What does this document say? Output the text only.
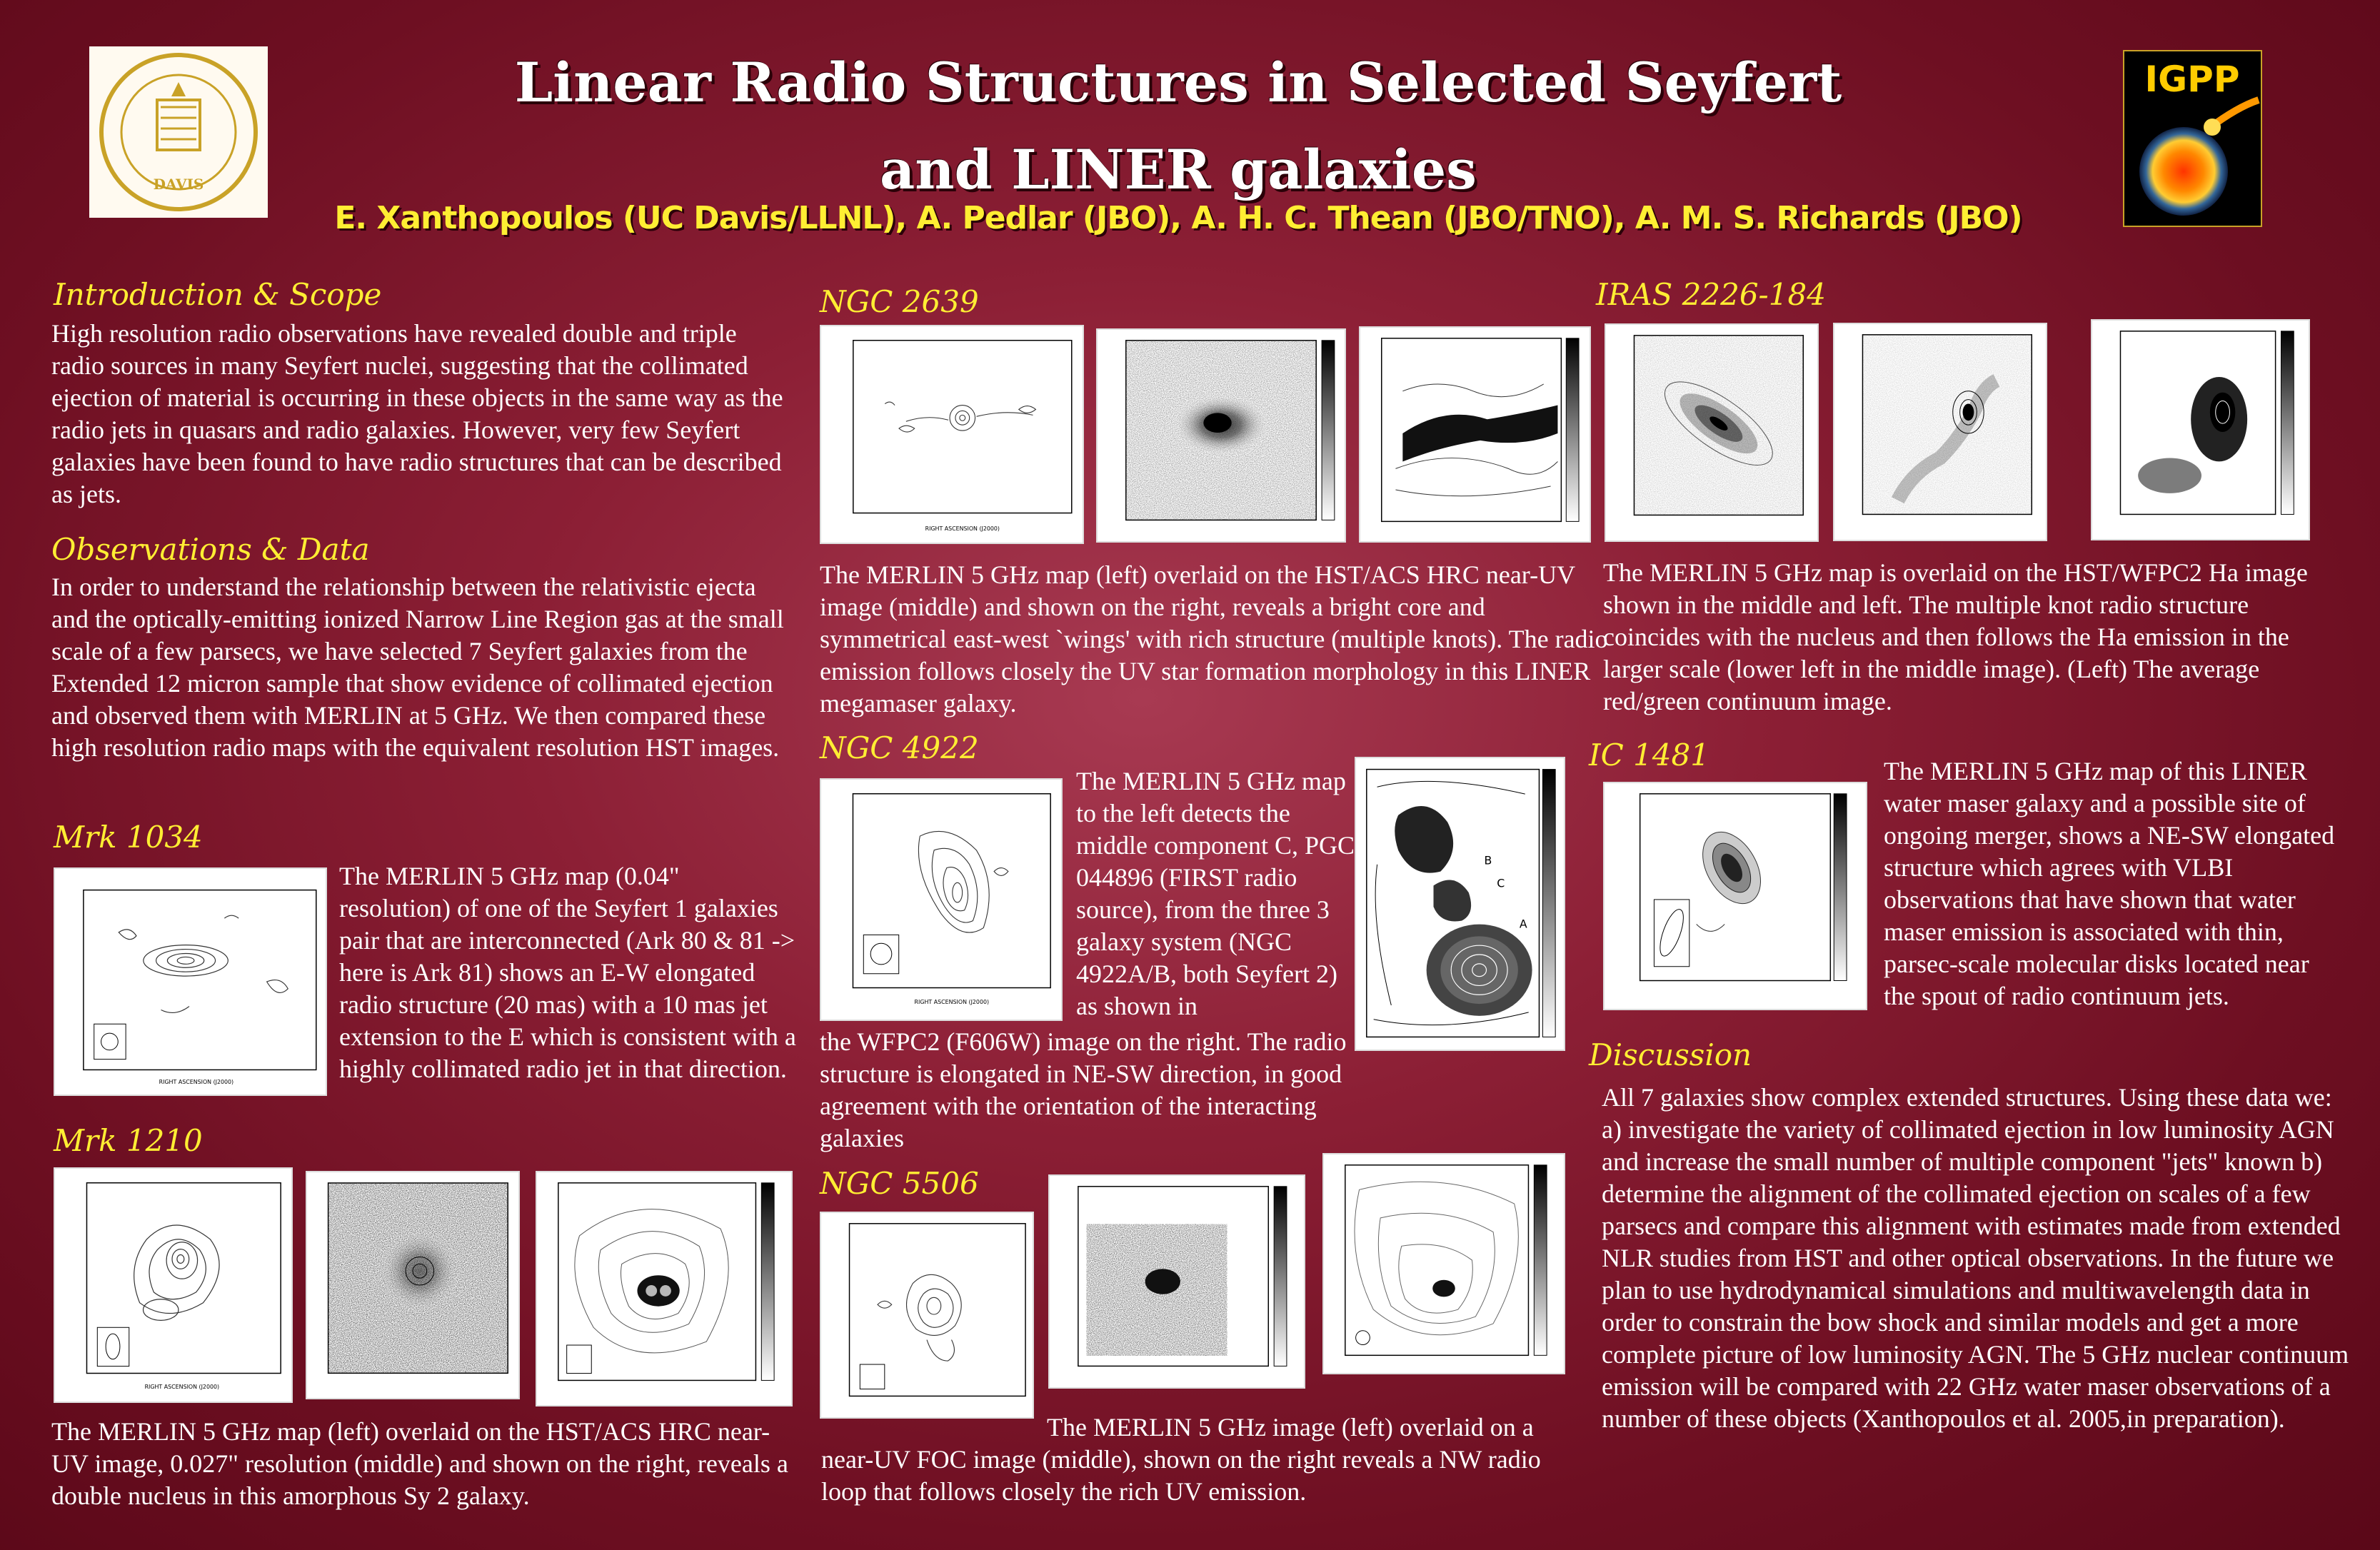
DAVIS
IGPP
Linear Radio Structures in Selected Seyfert
and LINER galaxies
E. Xanthopoulos (UC Davis/LLNL), A. Pedlar (JBO), A. H. C. Thean (JBO/TNO), A. M. S. Richards (JBO)
Introduction & Scope

High resolution radio observations have revealed double and triple radio sources in many Seyfert nuclei, suggesting that the collimated ejection of material is occurring in these objects in the same way as the radio jets in quasars and radio galaxies. However, very few Seyfert galaxies have been found to have radio structures that can be described as jets.

Observations & Data

In order to understand the relationship between the relativistic ejecta and the optically-emitting ionized Narrow Line Region gas at the small scale of a few parsecs, we have selected 7 Seyfert galaxies from the Extended 12 micron sample that show evidence of collimated ejection and observed them with MERLIN at 5 GHz. We then compared these high resolution radio maps with the equivalent resolution HST images.

Mrk 1034
RIGHT ASCENSION (J2000)

The MERLIN 5 GHz map (0.04" resolution) of one of the Seyfert 1 galaxies pair that are interconnected (Ark 80 & 81 -> here is Ark 81) shows an E-W elongated radio structure (20 mas) with a 10 mas jet extension to the E which is consistent with a highly collimated radio jet in that direction.

Mrk 1210
RIGHT ASCENSION (J2000)

The MERLIN 5 GHz map (left) overlaid on the HST/ACS HRC near-UV image, 0.027" resolution (middle) and shown on the right, reveals a double nucleus in this amorphous Sy 2 galaxy.

NGC 2639
RIGHT ASCENSION (J2000)

The MERLIN 5 GHz map (left) overlaid on the HST/ACS HRC near-UV image (middle) and shown on the right, reveals a bright core and symmetrical east-west `wings' with rich structure (multiple knots). The radio emission follows closely the UV star formation morphology in this LINER megamaser galaxy.

NGC 4922
RIGHT ASCENSION (J2000)

The MERLIN 5 GHz map to the left detects the middle component C, PGC 044896 (FIRST radio source), from the three 3 galaxy system (NGC 4922A/B, both Seyfert 2) as shown in

the WFPC2 (F606W) image on the right. The radio structure is elongated in NE-SW direction, in good agreement with the orientation of the interacting galaxies

B
C
A
NGC 5506

The MERLIN 5 GHz image (left) overlaid on a near-UV FOC image (middle), shown on the right reveals a NW radio loop that follows closely the rich UV emission.

IRAS 2226-184

The MERLIN 5 GHz map is overlaid on the HST/WFPC2 Ha image shown in the middle and left. The multiple knot radio structure coincides with the nucleus and then follows the Ha emission in the larger scale (lower left in the middle image). (Left) The average red/green continuum image.

IC 1481	The MERLIN 5 GHz map of this LINER water maser galaxy and a possible site of ongoing merger, shows a NE-SW elongated structure which agrees with VLBI observations that have shown that water maser emission is associated with thin, parsec-scale molecular disks located near the spout of radio continuum jets.

Discussion

All 7 galaxies show complex extended structures. Using these data we: a) investigate the variety of collimated ejection in low luminosity AGN and increase the small number of multiple component "jets" known b) determine the alignment of the collimated ejection on scales of a few parsecs and compare this alignment with estimates made from extended NLR studies from HST and other optical observations. In the future we plan to use hydrodynamical simulations and multiwavelength data in order to constrain the bow shock and similar models and get a more complete picture of low luminosity AGN. The 5 GHz nuclear continuum emission will be compared with 22 GHz water maser observations of a number of these objects (Xanthopoulos et al. 2005,in preparation).
